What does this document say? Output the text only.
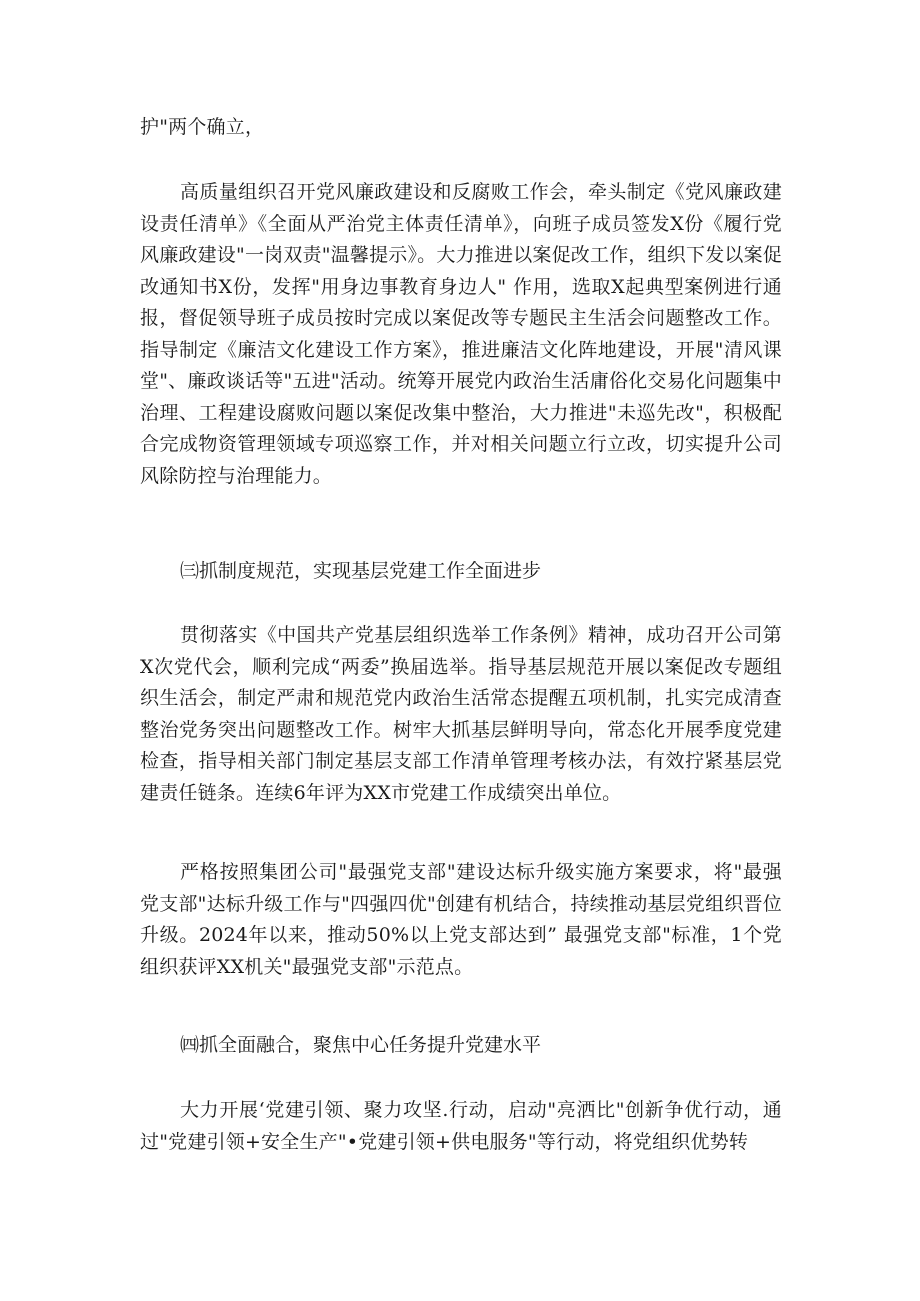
护"两个确立，

高质量组织召开党风廉政建设和反腐败工作会，牵头制定《党风廉政建设责任清单》《全面从严治党主体责任清单》，向班子成员签发X份《履行党风廉政建设"一岗双责"温馨提示》。大力推进以案促改工作，组织下发以案促改通知书X份，发挥"用身边事教育身边人" 作用，选取X起典型案例进行通报，督促领导班子成员按时完成以案促改等专题民主生活会问题整改工作。指导制定《廉洁文化建设工作方案》，推进廉洁文化阵地建设，开展"清风课堂"、廉政谈话等"五进"活动。统筹开展党内政治生活庸俗化交易化问题集中治理、工程建设腐败问题以案促改集中整治，大力推进"未巡先改"，积极配合完成物资管理领域专项巡察工作，并对相关问题立行立改，切实提升公司风除防控与治理能力。

㈢抓制度规范，实现基层党建工作全面进步

贯彻落实《中国共产党基层组织选举工作条例》精神，成功召开公司第X次党代会，顺利完成“两委”换届选举。指导基层规范开展以案促改专题组织生活会，制定严肃和规范党内政治生活常态提醒五项机制，扎实完成清查整治党务突出问题整改工作。树牢大抓基层鲜明导向，常态化开展季度党建检查，指导相关部门制定基层支部工作清单管理考核办法，有效拧紧基层党建责任链条。连续6年评为XX市党建工作成绩突出单位。

严格按照集团公司"最强党支部"建设达标升级实施方案要求，将"最强党支部"达标升级工作与"四强四优"创建有机结合，持续推动基层党组织晋位升级。2024年以来，推动50%以上党支部达到” 最强党支部"标准，1个党组织获评XX机关"最强党支部"示范点。

㈣抓全面融合，聚焦中心任务提升党建水平

大力开展‘党建引领、聚力攻坚.行动，启动"亮洒比"创新争优行动，通过"党建引领+安全生产"•党建引领+供电服务"等行动，将党组织优势转
